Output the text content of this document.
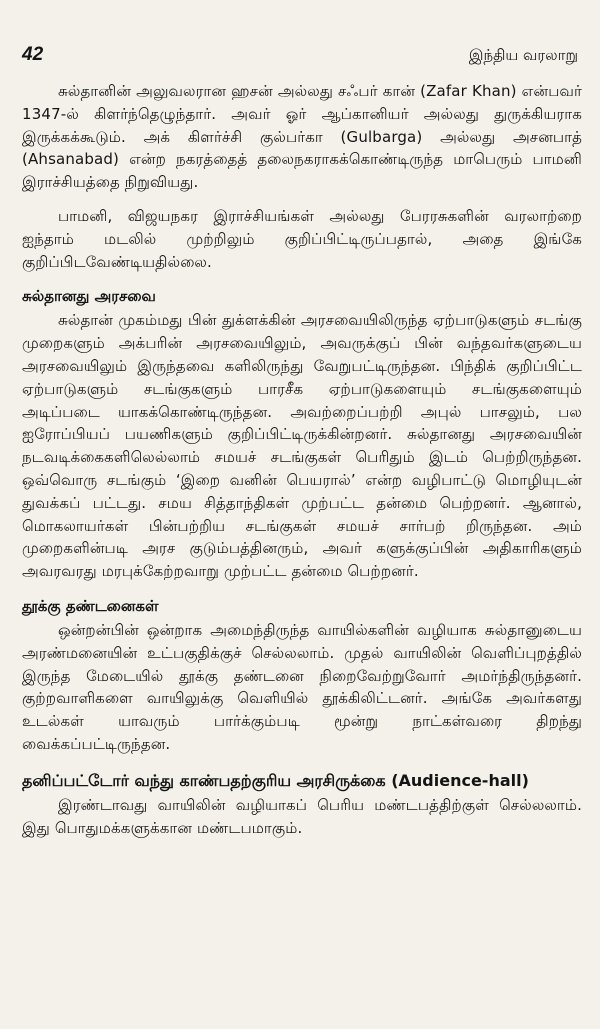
42	இந்திய வரலாறு

சுல்தானின் அலுவலரான ஹசன் அல்லது சஃபர் கான் (Zafar Khan) என்பவர் 1347-ல் கிளர்ந்தெழுந்தார். அவர் ஓர் ஆப்கானியர் அல்லது துருக்கியராக இருக்கக்கூடும். அக் கிளர்ச்சி குல்பர்கா (Gulbarga) அல்லது அசனபாத் (Ahsanabad) என்ற நகரத்தைத் தலைநகராகக்கொண்டிருந்த மாபெரும் பாமனி இராச்சியத்தை நிறுவியது.

பாமனி, விஜயநகர இராச்சியங்கள் அல்லது பேரரசுகளின் வரலாற்றை ஐந்தாம் மடலில் முற்றிலும் குறிப்பிட்டிருப்பதால், அதை இங்கே குறிப்பிடவேண்டியதில்லை.

சுல்தானது அரசவை

சுல்தான் முகம்மது பின் துக்ளக்கின் அரசவையிலிருந்த ஏற்பாடுகளும் சடங்கு முறைகளும் அக்பரின் அரசவையிலும், அவருக்குப் பின் வந்தவர்களுடைய அரசவையிலும் இருந்தவை களிலிருந்து வேறுபட்டிருந்தன. பிந்திக் குறிப்பிட்ட ஏற்பாடுகளும் சடங்குகளும் பாரசீக ஏற்பாடுகளையும் சடங்குகளையும் அடிப்படை யாகக்கொண்டிருந்தன. அவற்றைப்பற்றி அபுல் பாசலும், பல ஐரோப்பியப் பயணிகளும் குறிப்பிட்டிருக்கின்றனர். சுல்தானது அரசவையின் நடவடிக்கைகளிலெல்லாம் சமயச் சடங்குகள் பெரிதும் இடம் பெற்றிருந்தன. ஒவ்வொரு சடங்கும் ‘இறை வனின் பெயரால்’ என்ற வழிபாட்டு மொழியுடன் துவக்கப் பட்டது. சமய சித்தாந்திகள் முற்பட்ட தன்மை பெற்றனர். ஆனால், மொகலாயர்கள் பின்பற்றிய சடங்குகள் சமயச் சார்பற் றிருந்தன. அம் முறைகளின்படி அரச குடும்பத்தினரும், அவர் களுக்குப்பின் அதிகாரிகளும் அவரவரது மரபுக்கேற்றவாறு முற்பட்ட தன்மை பெற்றனர்.

தூக்கு தண்டனைகள்

ஒன்றன்பின் ஒன்றாக அமைந்திருந்த வாயில்களின் வழியாக சுல்தானுடைய அரண்மனையின் உட்பகுதிக்குச் செல்லலாம். முதல் வாயிலின் வெளிப்புறத்தில் இருந்த மேடையில் தூக்கு தண்டனை நிறைவேற்றுவோர் அமர்ந்திருந்தனர். குற்றவாளிகளை வாயிலுக்கு வெளியில் தூக்கிலிட்டனர். அங்கே அவர்களது உடல்கள் யாவரும் பார்க்கும்படி மூன்று நாட்கள்வரை திறந்து வைக்கப்பட்டிருந்தன.

தனிப்பட்டோர் வந்து காண்பதற்குரிய அரசிருக்கை (Audience-hall)

இரண்டாவது வாயிலின் வழியாகப் பெரிய மண்டபத்திற்குள் செல்லலாம். இது பொதுமக்களுக்கான மண்டபமாகும்.
